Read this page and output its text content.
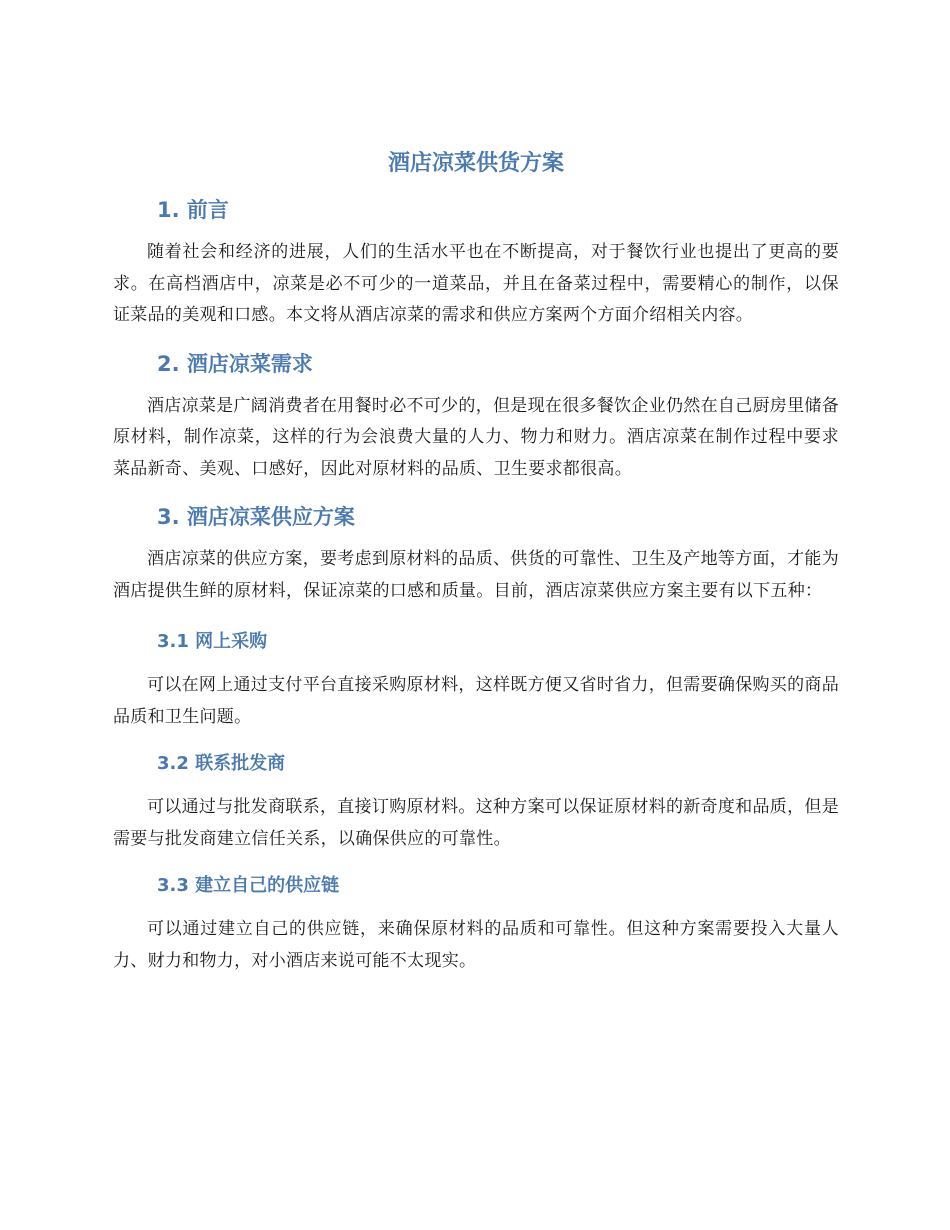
酒店凉菜供货方案
1. 前言

随着社会和经济的进展，人们的生活水平也在不断提高，对于餐饮行业也提出了更高的要求。在高档酒店中，凉菜是必不可少的一道菜品，并且在备菜过程中，需要精心的制作，以保证菜品的美观和口感。本文将从酒店凉菜的需求和供应方案两个方面介绍相关内容。

2. 酒店凉菜需求

酒店凉菜是广阔消费者在用餐时必不可少的，但是现在很多餐饮企业仍然在自己厨房里储备原材料，制作凉菜，这样的行为会浪费大量的人力、物力和财力。酒店凉菜在制作过程中要求菜品新奇、美观、口感好，因此对原材料的品质、卫生要求都很高。

3. 酒店凉菜供应方案

酒店凉菜的供应方案，要考虑到原材料的品质、供货的可靠性、卫生及产地等方面，才能为酒店提供生鲜的原材料，保证凉菜的口感和质量。目前，酒店凉菜供应方案主要有以下五种：

3.1 网上采购

可以在网上通过支付平台直接采购原材料，这样既方便又省时省力，但需要确保购买的商品品质和卫生问题。

3.2 联系批发商

可以通过与批发商联系，直接订购原材料。这种方案可以保证原材料的新奇度和品质，但是需要与批发商建立信任关系，以确保供应的可靠性。

3.3 建立自己的供应链

可以通过建立自己的供应链，来确保原材料的品质和可靠性。但这种方案需要投入大量人力、财力和物力，对小酒店来说可能不太现实。
